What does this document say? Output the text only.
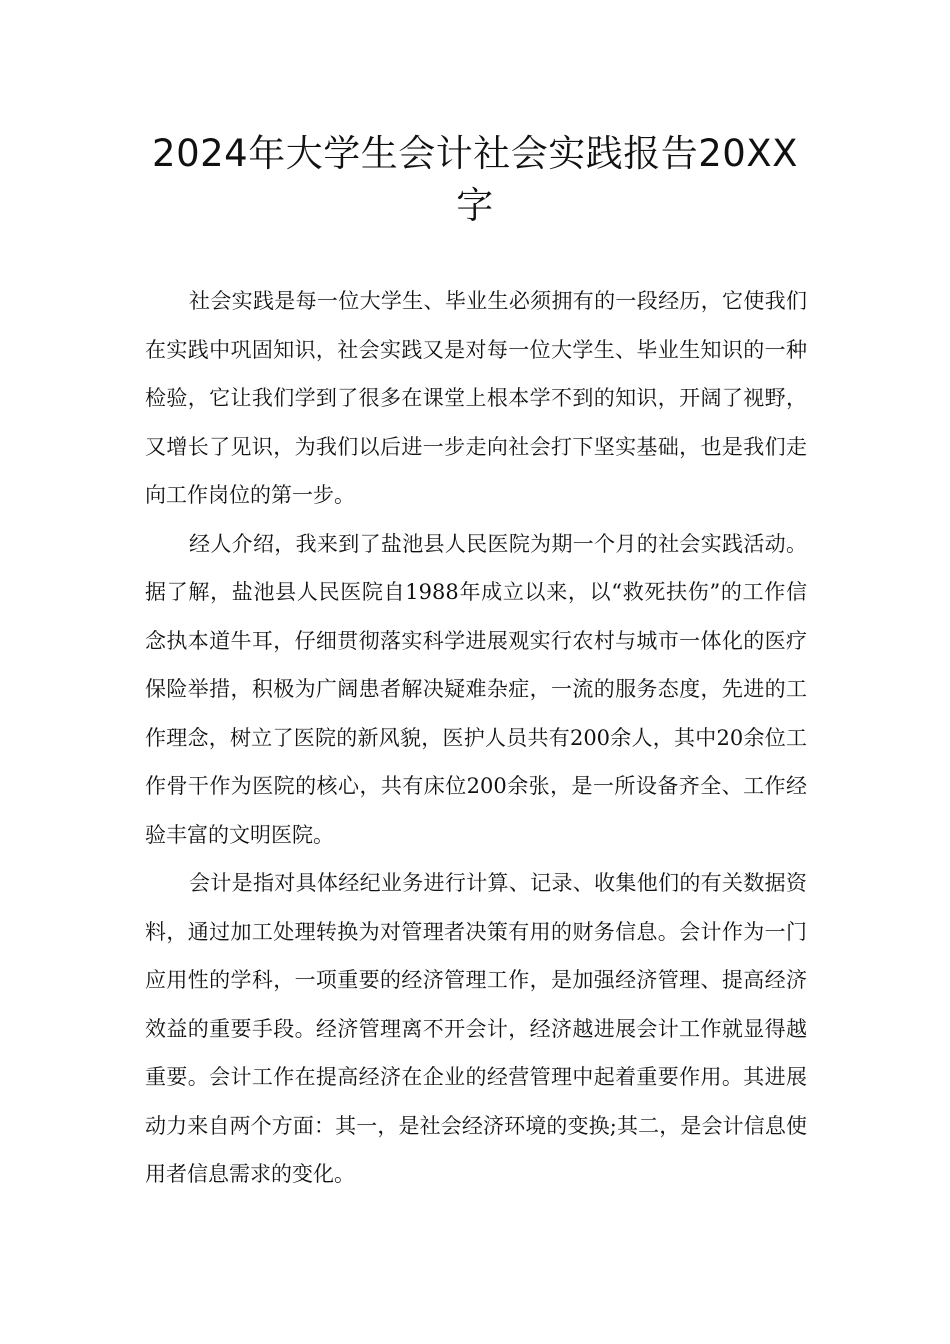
2024年大学生会计社会实践报告20XX字

社会实践是每一位大学生、毕业生必须拥有的一段经历，它使我们在实践中巩固知识，社会实践又是对每一位大学生、毕业生知识的一种检验，它让我们学到了很多在课堂上根本学不到的知识，开阔了视野，又增长了见识，为我们以后进一步走向社会打下坚实基础，也是我们走向工作岗位的第一步。

经人介绍，我来到了盐池县人民医院为期一个月的社会实践活动。据了解，盐池县人民医院自1988年成立以来，以“救死扶伤”的工作信念执本道牛耳，仔细贯彻落实科学进展观实行农村与城市一体化的医疗保险举措，积极为广阔患者解决疑难杂症，一流的服务态度，先进的工作理念，树立了医院的新风貌，医护人员共有200余人，其中20余位工作骨干作为医院的核心，共有床位200余张，是一所设备齐全、工作经验丰富的文明医院。

会计是指对具体经纪业务进行计算、记录、收集他们的有关数据资料，通过加工处理转换为对管理者决策有用的财务信息。会计作为一门应用性的学科，一项重要的经济管理工作，是加强经济管理、提高经济效益的重要手段。经济管理离不开会计，经济越进展会计工作就显得越重要。会计工作在提高经济在企业的经营管理中起着重要作用。其进展动力来自两个方面：其一，是社会经济环境的变换;其二，是会计信息使用者信息需求的变化。
